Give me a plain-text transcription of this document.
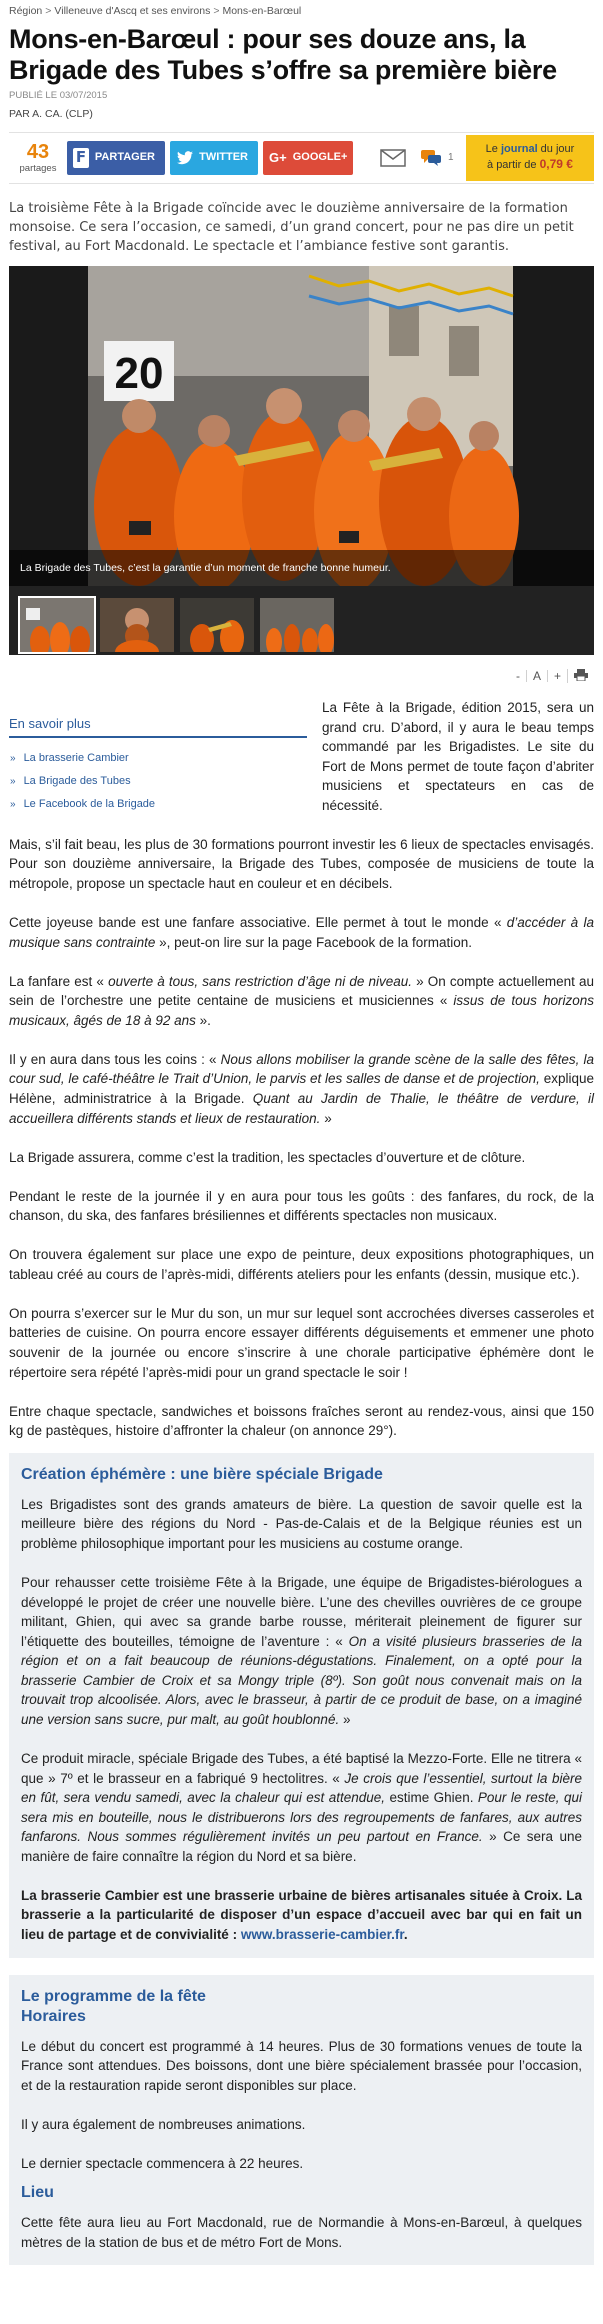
Région > Villeneuve d'Ascq et ses environs > Mons-en-Barœul
Mons-en-Barœul : pour ses douze ans, la Brigade des Tubes s’offre sa première bière
PUBLIÉ LE 03/07/2015
PAR A. CA. (CLP)
43
partages
F PARTAGER	TWITTER G+ GOOGLE+	1
Le journal du jour
à partir de 0,79 €
La troisième Fête à la Brigade coïncide avec le douzième anniversaire de la formation monsoise. Ce sera l’occasion, ce samedi, d’un grand concert, pour ne pas dire un petit festival, au Fort Macdonald. Le spectacle et l’ambiance festive sont garantis.
20
La Brigade des Tubes, c’est la garantie d’un moment de franche bonne humeur.
-	A	+
En savoir plus
» La brasserie Cambier
» La Brigade des Tubes
» Le Facebook de la Brigade

La Fête à la Brigade, édition 2015, sera un grand cru. D’abord, il y aura le beau temps commandé par les Brigadistes. Le site du Fort de Mons permet de toute façon d’abriter musiciens et spectateurs en cas de nécessité.

Mais, s’il fait beau, les plus de 30 formations pourront investir les 6 lieux de spectacles envisagés. Pour son douzième anniversaire, la Brigade des Tubes, composée de musiciens de toute la métropole, propose un spectacle haut en couleur et en décibels.

Cette joyeuse bande est une fanfare associative. Elle permet à tout le monde « d’accéder à la musique sans contrainte », peut-on lire sur la page Facebook de la formation.

La fanfare est « ouverte à tous, sans restriction d’âge ni de niveau. » On compte actuellement au sein de l’orchestre une petite centaine de musiciens et musiciennes « issus de tous horizons musicaux, âgés de 18 à 92 ans ».

Il y en aura dans tous les coins : « Nous allons mobiliser la grande scène de la salle des fêtes, la cour sud, le café-théâtre le Trait d’Union, le parvis et les salles de danse et de projection, explique Hélène, administratrice à la Brigade. Quant au Jardin de Thalie, le théâtre de verdure, il accueillera différents stands et lieux de restauration. »

La Brigade assurera, comme c’est la tradition, les spectacles d’ouverture et de clôture.

Pendant le reste de la journée il y en aura pour tous les goûts : des fanfares, du rock, de la chanson, du ska, des fanfares brésiliennes et différents spectacles non musicaux.

On trouvera également sur place une expo de peinture, deux expositions photographiques, un tableau créé au cours de l’après-midi, différents ateliers pour les enfants (dessin, musique etc.).

On pourra s’exercer sur le Mur du son, un mur sur lequel sont accrochées diverses casseroles et batteries de cuisine. On pourra encore essayer différents déguisements et emmener une photo souvenir de la journée ou encore s’inscrire à une chorale participative éphémère dont le répertoire sera répété l’après-midi pour un grand spectacle le soir !

Entre chaque spectacle, sandwiches et boissons fraîches seront au rendez-vous, ainsi que 150 kg de pastèques, histoire d’affronter la chaleur (on annonce 29°).

Création éphémère : une bière spéciale Brigade

Les Brigadistes sont des grands amateurs de bière. La question de savoir quelle est la meilleure bière des régions du Nord - Pas-de-Calais et de la Belgique réunies est un problème philosophique important pour les musiciens au costume orange.

Pour rehausser cette troisième Fête à la Brigade, une équipe de Brigadistes-biérologues a développé le projet de créer une nouvelle bière. L’une des chevilles ouvrières de ce groupe militant, Ghien, qui avec sa grande barbe rousse, mériterait pleinement de figurer sur l’étiquette des bouteilles, témoigne de l’aventure : « On a visité plusieurs brasseries de la région et on a fait beaucoup de réunions-dégustations. Finalement, on a opté pour la brasserie Cambier de Croix et sa Mongy triple (8º). Son goût nous convenait mais on la trouvait trop alcoolisée. Alors, avec le brasseur, à partir de ce produit de base, on a imaginé une version sans sucre, pur malt, au goût houblonné. »

Ce produit miracle, spéciale Brigade des Tubes, a été baptisé la Mezzo-Forte. Elle ne titrera « que » 7º et le brasseur en a fabriqué 9 hectolitres. « Je crois que l’essentiel, surtout la bière en fût, sera vendu samedi, avec la chaleur qui est attendue, estime Ghien. Pour le reste, qui sera mis en bouteille, nous le distribuerons lors des regroupements de fanfares, aux autres fanfarons. Nous sommes régulièrement invités un peu partout en France. » Ce sera une manière de faire connaître la région du Nord et sa bière.

La brasserie Cambier est une brasserie urbaine de bières artisanales située à Croix. La brasserie a la particularité de disposer d’un espace d’accueil avec bar qui en fait un lieu de partage et de convivialité : www.brasserie-cambier.fr.

Le programme de la fête
Horaires

Le début du concert est programmé à 14 heures. Plus de 30 formations venues de toute la France sont attendues. Des boissons, dont une bière spécialement brassée pour l’occasion, et de la restauration rapide seront disponibles sur place.

Il y aura également de nombreuses animations.

Le dernier spectacle commencera à 22 heures.

Lieu

Cette fête aura lieu au Fort Macdonald, rue de Normandie à Mons-en-Barœul, à quelques mètres de la station de bus et de métro Fort de Mons.
